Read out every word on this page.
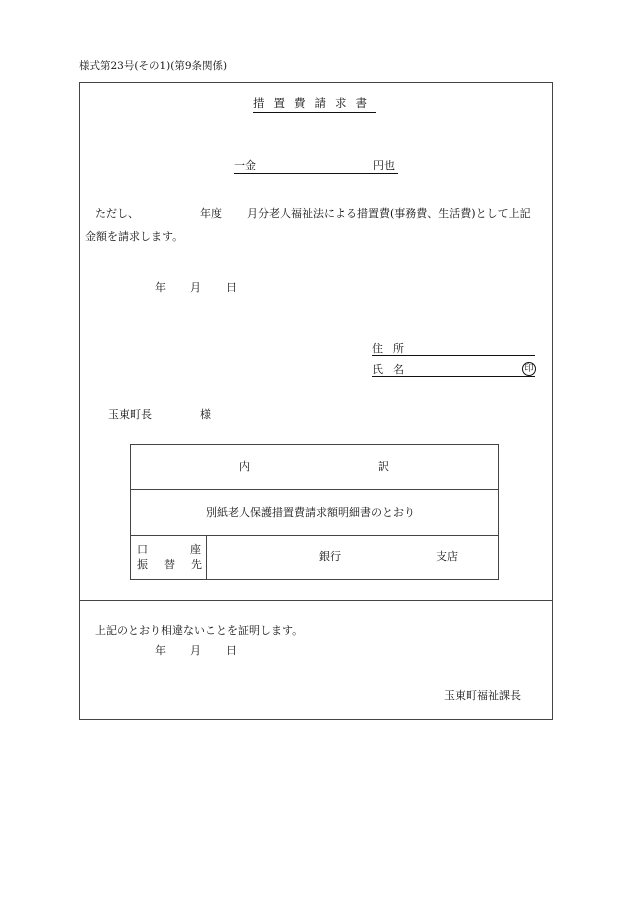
様式第23号(その1)(第9条関係)
措置費請求書
一金	円也
ただし、	年度 月分老人福祉法による措置費(事務費、生活費)として上記
金額を請求します。
年 月 日
住所
氏名	印
玉東町長	様
内訳
別紙老人保護措置費請求額明細書のとおり
口座
振替先
銀行	支店
上記のとおり相違ないことを証明します。
年 月 日
玉東町福祉課長
